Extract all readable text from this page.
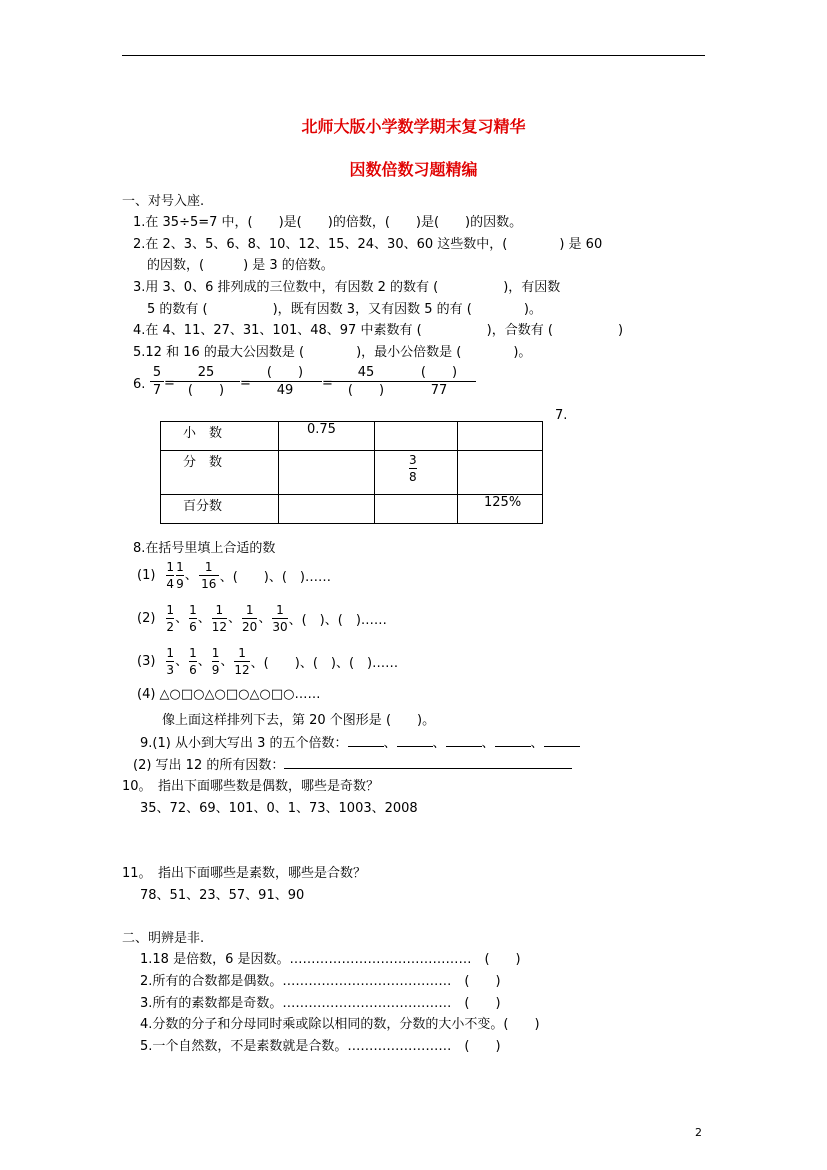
北师大版小学数学期末复习精华
因数倍数习题精编
一、对号入座.
1.在 35÷5=7 中，(　　)是(　　)的倍数，(　　)是(　　)的因数。
2.在 2、3、5、6、8、10、12、15、24、30、60 这些数中，(　　　　) 是 60
的因数，(　　　) 是 3 的倍数。
3.用 3、0、6 排列成的三位数中，有因数 2 的数有 (　　　　　)，有因数
5 的数有 (　　　　　)，既有因数 3，又有因数 5 的有 (　　　　)。
4.在 4、11、27、31、101、48、97 中素数有 (　　　　　)，合数有 (　　　　　)
5.12 和 16 的最大公因数是 (　　　　)，最小公倍数是 (　　　　)。
6.
5
7 =
25
(　　)	=
(　　)
49	=
45
(　　)
(　　)
77
7.
小　数	0.75		
分　数		$\frac{3}{8}$

百分数			125%
8.在括号里填上合适的数
$(1) \frac{1}{4} \frac{1}{9}$ 、 $\frac{1}{16}$ 、(　　)、(　)……
$(2) \frac{1}{2}$ 、 $\frac{1}{6}$ 、 $\frac{1}{12}$ 、 $\frac{1}{20}$ 、 $\frac{1}{30}$ 、(　)、(　)……
$(3) \frac{1}{3}$ 、 $\frac{1}{6}$ 、 $\frac{1}{9}$ 、 $\frac{1}{12}$ 、(　　)、(　)、(　)……
(4) △○□○△○□○△○□○……
像上面这样排列下去，第 20 个图形是 (　　)。
9.(1) 从小到大写出 3 的五个倍数：	、	、	、	、
(2) 写出 12 的所有因数：
10。　指出下面哪些数是偶数，哪些是奇数？
35、72、69、101、0、1、73、1003、2008
11。　指出下面哪些是素数，哪些是合数？
78、51、23、57、91、90
二、明辨是非.
1.18 是倍数，6 是因数。……………………………………　(　　)
2.所有的合数都是偶数。…………………………………　(　　)
3.所有的素数都是奇数。…………………………………　(　　)
4.分数的分子和分母同时乘或除以相同的数，分数的大小不变。(　　)
5.一个自然数，不是素数就是合数。……………………　(　　)
2
